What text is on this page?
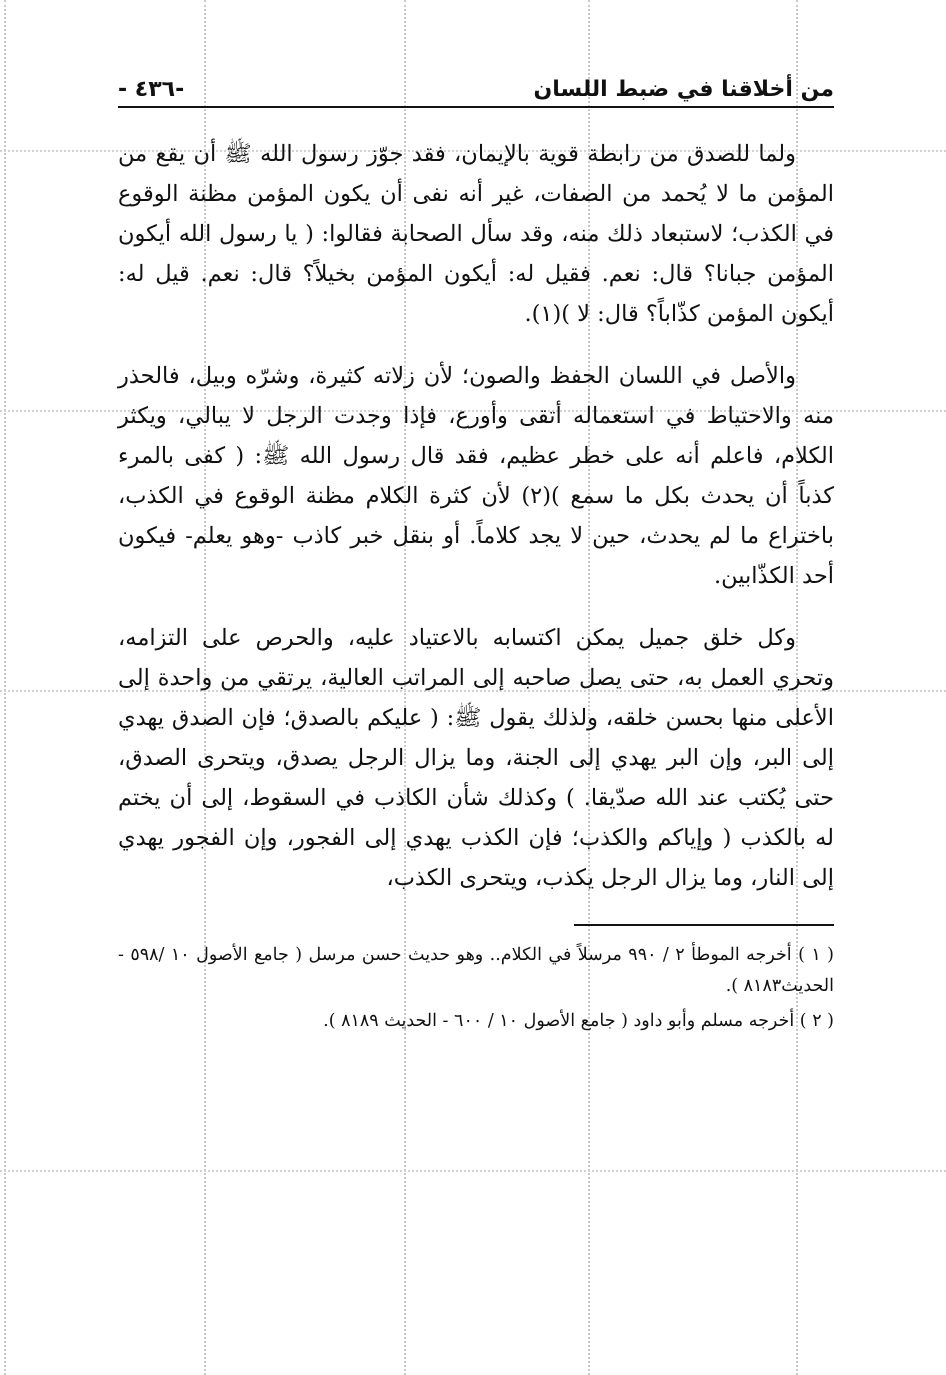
من أخلاقنا في ضبط اللسان
-٤٣٦ -

ولما للصدق من رابطة قوية بالإيمان، فقد جوّز رسول الله ﷺ أن يقع من المؤمن ما لا يُحمد من الصفات، غير أنه نفى أن يكون المؤمن مظنة الوقوع في الكذب؛ لاستبعاد ذلك منه، وقد سأل الصحابة فقالوا: ( يا رسول الله أيكون المؤمن جبانا؟ قال: نعم. فقيل له: أيكون المؤمن بخيلاً؟ قال: نعم. قيل له: أيكون المؤمن كذّاباً؟ قال: لا )(١).

والأصل في اللسان الحفظ والصون؛ لأن زلاته كثيرة، وشرّه وبيل، فالحذر منه والاحتياط في استعماله أتقى وأورع، فإذا وجدت الرجل لا يبالي، ويكثر الكلام، فاعلم أنه على خطر عظيم، فقد قال رسول الله ﷺ: ( كفى بالمرء كذباً أن يحدث بكل ما سمع )(٢) لأن كثرة الكلام مظنة الوقوع في الكذب، باختراع ما لم يحدث، حين لا يجد كلاماً. أو بنقل خبر كاذب -وهو يعلم- فيكون أحد الكذّابين.

وكل خلق جميل يمكن اكتسابه بالاعتياد عليه، والحرص على التزامه، وتحري العمل به، حتى يصل صاحبه إلى المراتب العالية، يرتقي من واحدة إلى الأعلى منها بحسن خلقه، ولذلك يقول ﷺ: ( عليكم بالصدق؛ فإن الصدق يهدي إلى البر، وإن البر يهدي إلى الجنة، وما يزال الرجل يصدق، ويتحرى الصدق، حتى يُكتب عند الله صدّيقا. ) وكذلك شأن الكاذب في السقوط، إلى أن يختم له بالكذب ( وإياكم والكذب؛ فإن الكذب يهدي إلى الفجور، وإن الفجور يهدي إلى النار، وما يزال الرجل يكذب، ويتحرى الكذب،

( ١ ) أخرجه الموطأ ٢ / ٩٩٠ مرسلاً في الكلام.. وهو حديث حسن مرسل ( جامع الأصول ١٠ /٥٩٨ - الحديث٨١٨٣ ).

( ٢ ) أخرجه مسلم وأبو داود ( جامع الأصول ١٠ / ٦٠٠ - الحديث ٨١٨٩ ).
